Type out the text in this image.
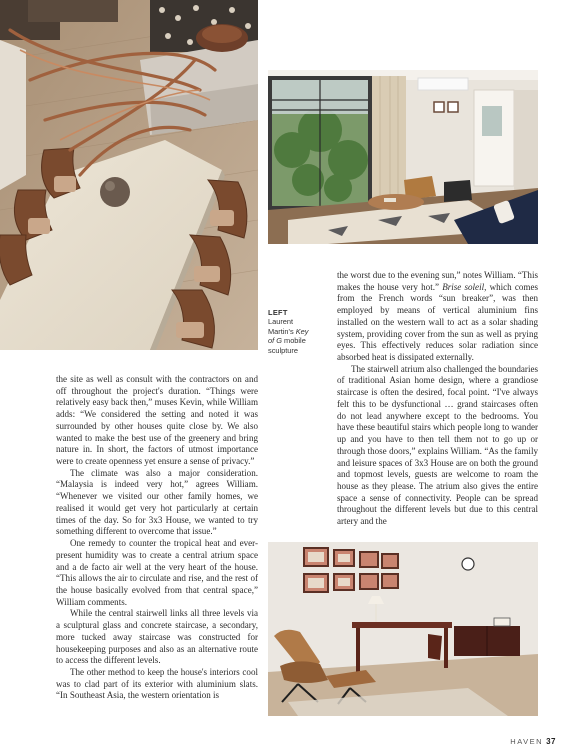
LEFT
Laurent
Martin's Key
of G mobile
sculpture

the site as well as consult with the contractors on and off throughout the project's duration. “Things were relatively easy back then,” muses Kevin, while William adds: “We considered the setting and noted it was surrounded by other houses quite close by. We also wanted to make the best use of the greenery and bring nature in. In short, the factors of utmost importance were to create openness yet ensure a sense of privacy.”

The climate was also a major consideration. “Malaysia is indeed very hot,” agrees William. “Whenever we visited our other family homes, we realised it would get very hot particularly at certain times of the day. So for 3x3 House, we wanted to try something different to overcome that issue.”

One remedy to counter the tropical heat and ever-present humidity was to create a central atrium space and a de facto air well at the very heart of the house. “This allows the air to circulate and rise, and the rest of the house basically evolved from that central space,” William comments.

While the central stairwell links all three levels via a sculptural glass and concrete staircase, a secondary, more tucked away staircase was constructed for housekeeping purposes and also as an alternative route to access the different levels.

The other method to keep the house's interiors cool was to clad part of its exterior with aluminium slats. “In Southeast Asia, the western orientation is

the worst due to the evening sun,” notes William. “This makes the house very hot.” Brise soleil, which comes from the French words “sun breaker”, was then employed by means of vertical aluminium fins installed on the western wall to act as a solar shading system, providing cover from the sun as well as prying eyes. This effectively reduces solar radiation since absorbed heat is dissipated externally.

The stairwell atrium also challenged the boundaries of traditional Asian home design, where a grandiose staircase is often the desired, focal point. “I've always felt this to be dysfunctional … grand staircases often do not lead anywhere except to the bedrooms. You have these beautiful stairs which people long to wander up and you have to then tell them not to go up or through those doors,” explains William. “As the family and leisure spaces of 3x3 House are on both the ground and topmost levels, guests are welcome to roam the house as they please. The atrium also gives the entire space a sense of connectivity. People can be spread throughout the different levels but due to this central artery and the

HAVEN 37
